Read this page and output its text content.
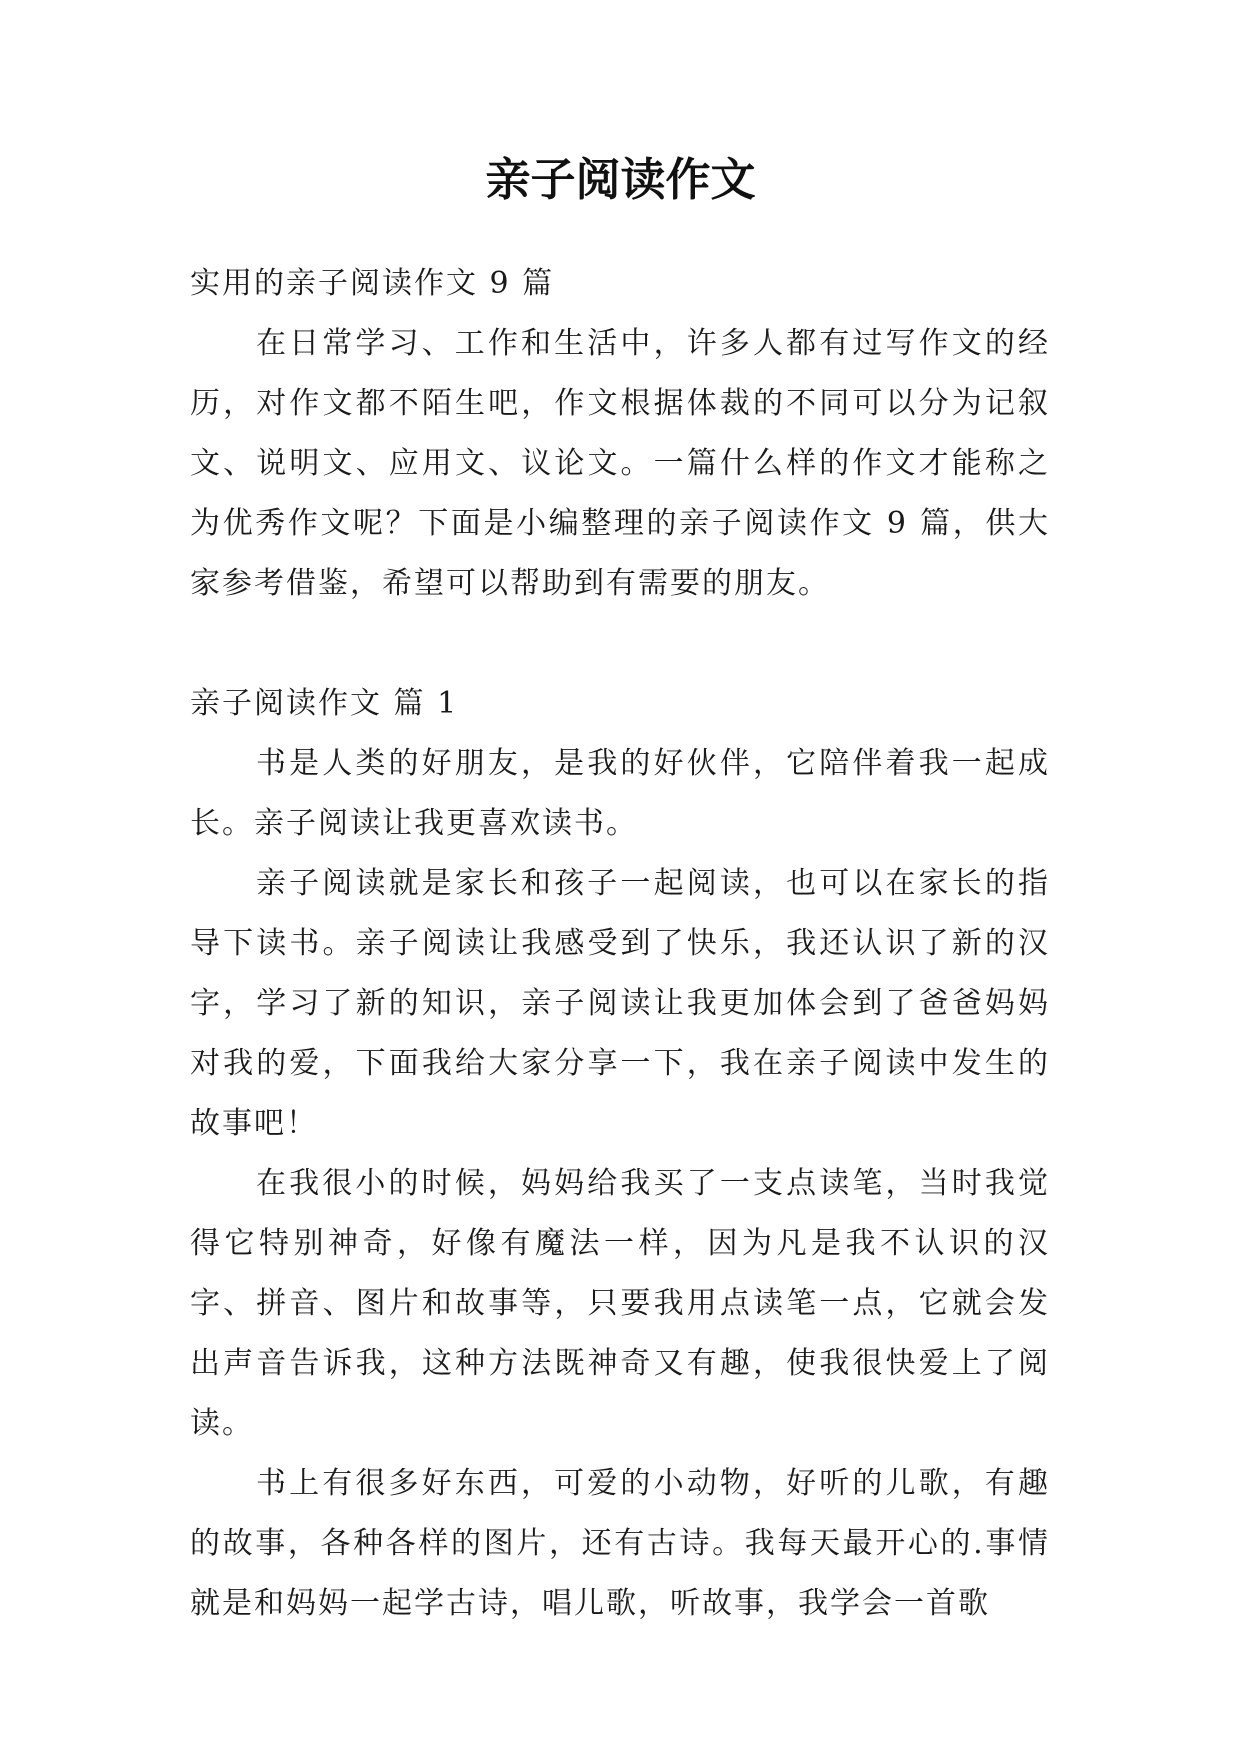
亲子阅读作文

实用的亲子阅读作文 9 篇

在日常学习、工作和生活中，许多人都有过写作文的经历，对作文都不陌生吧，作文根据体裁的不同可以分为记叙文、说明文、应用文、议论文。一篇什么样的作文才能称之为优秀作文呢？下面是小编整理的亲子阅读作文 9 篇，供大家参考借鉴，希望可以帮助到有需要的朋友。

亲子阅读作文 篇 1

书是人类的好朋友，是我的好伙伴，它陪伴着我一起成长。亲子阅读让我更喜欢读书。

亲子阅读就是家长和孩子一起阅读，也可以在家长的指导下读书。亲子阅读让我感受到了快乐，我还认识了新的汉字，学习了新的知识，亲子阅读让我更加体会到了爸爸妈妈对我的爱，下面我给大家分享一下，我在亲子阅读中发生的故事吧！

在我很小的时候，妈妈给我买了一支点读笔，当时我觉得它特别神奇，好像有魔法一样，因为凡是我不认识的汉字、拼音、图片和故事等，只要我用点读笔一点，它就会发出声音告诉我，这种方法既神奇又有趣，使我很快爱上了阅读。

书上有很多好东西，可爱的小动物，好听的儿歌，有趣的故事，各种各样的图片，还有古诗。我每天最开心的.事情就是和妈妈一起学古诗，唱儿歌，听故事，我学会一首歌
